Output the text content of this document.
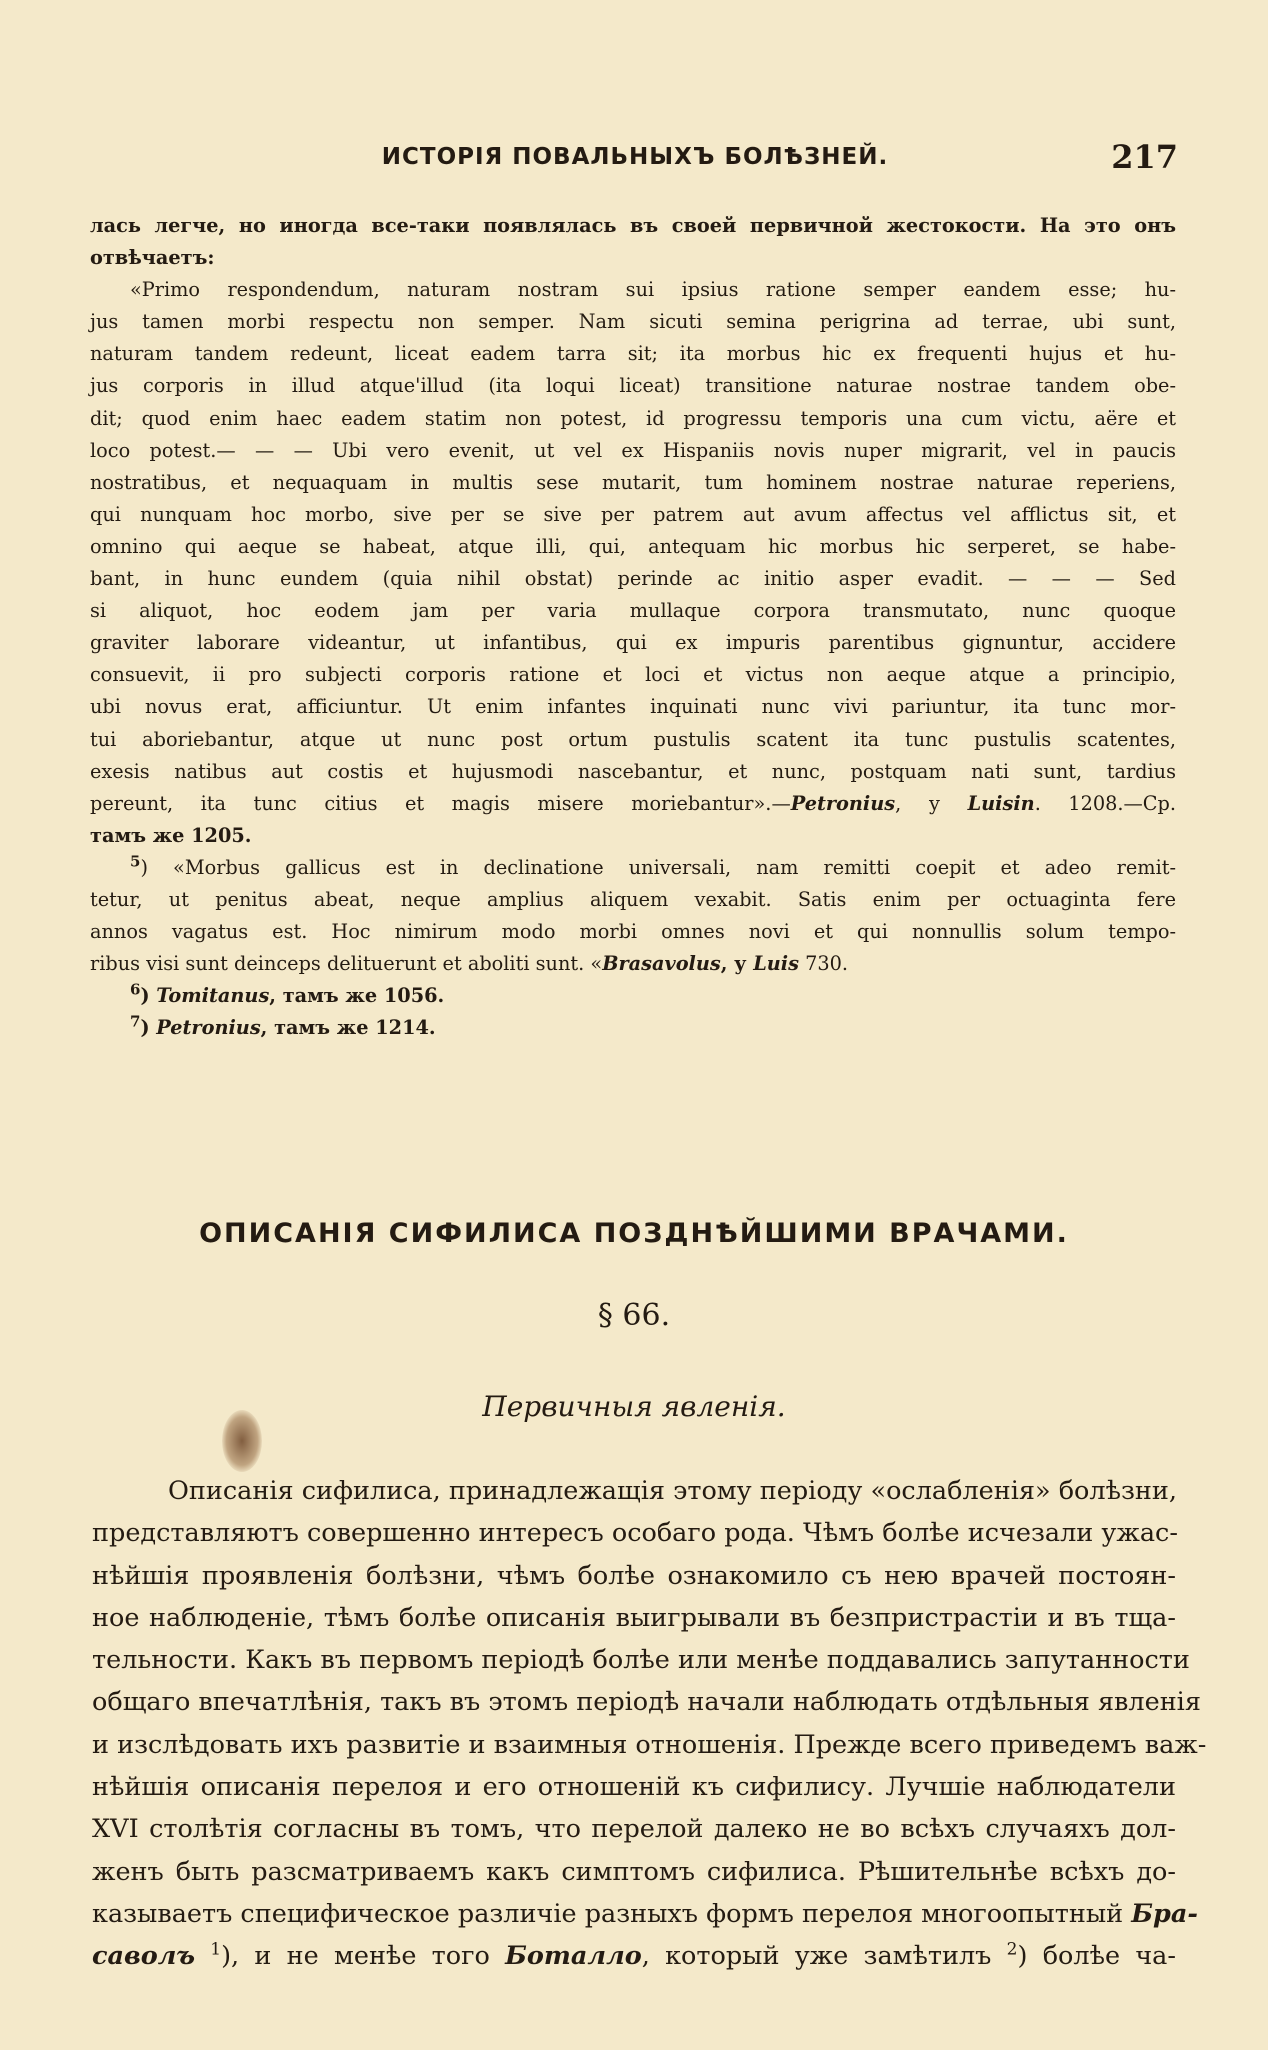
ИСТОРІЯ ПОВАЛЬНЫХЪ БОЛѢЗНЕЙ.	217
лась легче, но иногда все-таки появлялась въ своей первичной жестокости. На это онъ
отвѣчаетъ:
«Primo respondendum, naturam nostram sui ipsius ratione semper eandem esse; hu-
jus tamen morbi respectu non semper. Nam sicuti semina perigrina ad terrae, ubi sunt,
naturam tandem redeunt, liceat eadem tarra sit; ita morbus hic ex frequenti hujus et hu-
jus corporis in illud atque'illud (ita loqui liceat) transitione naturae nostrae tandem obe-
dit; quod enim haec eadem statim non potest, id progressu temporis una cum victu, aëre et
loco potest.— — — Ubi vero evenit, ut vel ex Hispaniis novis nuper migrarit, vel in paucis
nostratibus, et nequaquam in multis sese mutarit, tum hominem nostrae naturae reperiens,
qui nunquam hoc morbo, sive per se sive per patrem aut avum affectus vel afflictus sit, et
omnino qui aeque se habeat, atque illi, qui, antequam hic morbus hic serperet, se habe-
bant, in hunc eundem (quia nihil obstat) perinde ac initio asper evadit. — — — Sed
si aliquot, hoc eodem jam per varia mullaque corpora transmutato, nunc quoque
graviter laborare videantur, ut infantibus, qui ex impuris parentibus gignuntur, accidere
consuevit, ii pro subjecti corporis ratione et loci et victus non aeque atque a principio,
ubi novus erat, afficiuntur. Ut enim infantes inquinati nunc vivi pariuntur, ita tunc mor-
tui aboriebantur, atque ut nunc post ortum pustulis scatent ita tunc pustulis scatentes,
exesis natibus aut costis et hujusmodi nascebantur, et nunc, postquam nati sunt, tardius
pereunt, ita tunc citius et magis misere moriebantur».—Petronius, у Luisin. 1208.—Ср.
тамъ же 1205.
$^5$) «Morbus gallicus est in declinatione universali, nam remitti coepit et adeo remit-
tetur, ut penitus abeat, neque amplius aliquem vexabit. Satis enim per octuaginta fere
annos vagatus est. Hoc nimirum modo morbi omnes novi et qui nonnullis solum tempo-
ribus visi sunt deinceps delituerunt et aboliti sunt. «Brasavolus, у Luis 730.
$^6$) Tomitanus, тамъ же 1056.
$^7$) Petronius, тамъ же 1214.
ОПИСАНІЯ СИФИЛИСА ПОЗДНѢЙШИМИ ВРАЧАМИ.
§ 66.
Первичныя явленія.
Описанія сифилиса, принадлежащія этому періоду «ослабленія» болѣзни,
представляютъ совершенно интересъ особаго рода. Чѣмъ болѣе исчезали ужас-
нѣйшія проявленія болѣзни, чѣмъ болѣе ознакомило съ нею врачей постоян-
ное наблюденіе, тѣмъ болѣе описанія выигрывали въ безпристрастіи и въ тща-
тельности. Какъ въ первомъ періодѣ болѣе или менѣе поддавались запутанности
общаго впечатлѣнія, такъ въ этомъ періодѣ начали наблюдать отдѣльныя явленія
и изслѣдовать ихъ развитіе и взаимныя отношенія. Прежде всего приведемъ важ-
нѣйшія описанія перелоя и его отношеній къ сифилису. Лучшіе наблюдатели
XVI столѣтія согласны въ томъ, что перелой далеко не во всѣхъ случаяхъ дол-
женъ быть разсматриваемъ какъ симптомъ сифилиса. Рѣшительнѣе всѣхъ до-
казываетъ специфическое различіе разныхъ формъ перелоя многоопытный Бра-
саволъ $^1$), и не менѣе того Боталло, который уже замѣтилъ $^2$) болѣе ча-
